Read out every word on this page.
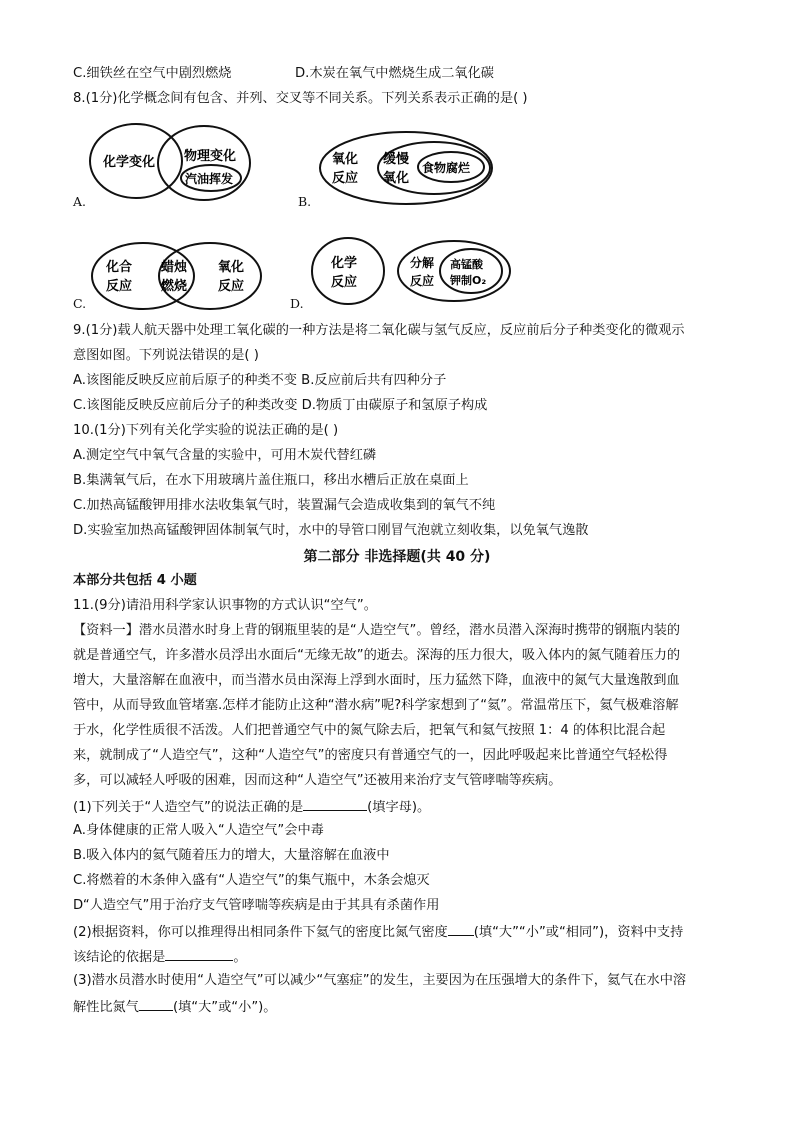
C.细铁丝在空气中剧烈燃烧	D.木炭在氧气中燃烧生成二氧化碳
8.(1分)化学概念间有包含、并列、交叉等不同关系。下列关系表示正确的是( )
A.
化学变化 物理变化
汽油挥发
B.
氧化
反应
缓慢
氧化
食物腐烂
C.
化合
反应
蜡烛
燃烧
氧化
反应
D.
化学
反应
分解
反应
高锰酸
钾制O₂
9.(1分)载人航天器中处理工氧化碳的一种方法是将二氧化碳与氢气反应，反应前后分子种类变化的微观示
意图如图。下列说法错误的是( )
A.该图能反映反应前后原子的种类不变 B.反应前后共有四种分子
C.该图能反映反应前后分子的种类改变 D.物质丁由碳原子和氢原子构成
10.(1分)下列有关化学实验的说法正确的是( )
A.测定空气中氧气含量的实验中，可用木炭代替红磷
B.集满氧气后，在水下用玻璃片盖住瓶口，移出水槽后正放在桌面上
C.加热高锰酸钾用排水法收集氧气时，装置漏气会造成收集到的氧气不纯
D.实验室加热高锰酸钾固体制氧气时，水中的导管口刚冒气泡就立刻收集，以免氧气逸散
第二部分 非选择题(共 40 分)
本部分共包括 4 小题
11.(9分)请沿用科学家认识事物的方式认识“空气”。
【资料一】潜水员潜水时身上背的钢瓶里装的是“人造空气”。曾经，潜水员潜入深海时携带的钢瓶内装的
就是普通空气，许多潜水员浮出水面后“无缘无故”的逝去。深海的压力很大，吸入体内的氮气随着压力的
增大，大量溶解在血液中，而当潜水员由深海上浮到水面时，压力猛然下降，血液中的氮气大量逸散到血
管中，从而导致血管堵塞.怎样才能防止这种“潜水病”呢?科学家想到了“氦”。常温常压下，氦气极难溶解
于水，化学性质很不活泼。人们把普通空气中的氮气除去后，把氧气和氦气按照 1：4 的体积比混合起
来，就制成了“人造空气”，这种“人造空气”的密度只有普通空气的一，因此呼吸起来比普通空气轻松得
多，可以减轻人呼吸的困难，因而这种“人造空气”还被用来治疗支气管哮喘等疾病。
(1)下列关于“人造空气”的说法正确的是	(填字母)。
A.身体健康的正常人吸入“人造空气”会中毒
B.吸入体内的氦气随着压力的增大，大量溶解在血液中
C.将燃着的木条伸入盛有“人造空气”的集气瓶中，木条会熄灭
D“人造空气”用于治疗支气管哮喘等疾病是由于其具有杀菌作用
(2)根据资料，你可以推理得出相同条件下氦气的密度比氮气密度 (填“大”“小”或“相同”)，资料中支持
该结论的依据是	。
(3)潜水员潜水时使用“人造空气”可以减少“气塞症”的发生，主要因为在压强增大的条件下，氦气在水中溶
解性比氮气	(填“大”或“小”)。
